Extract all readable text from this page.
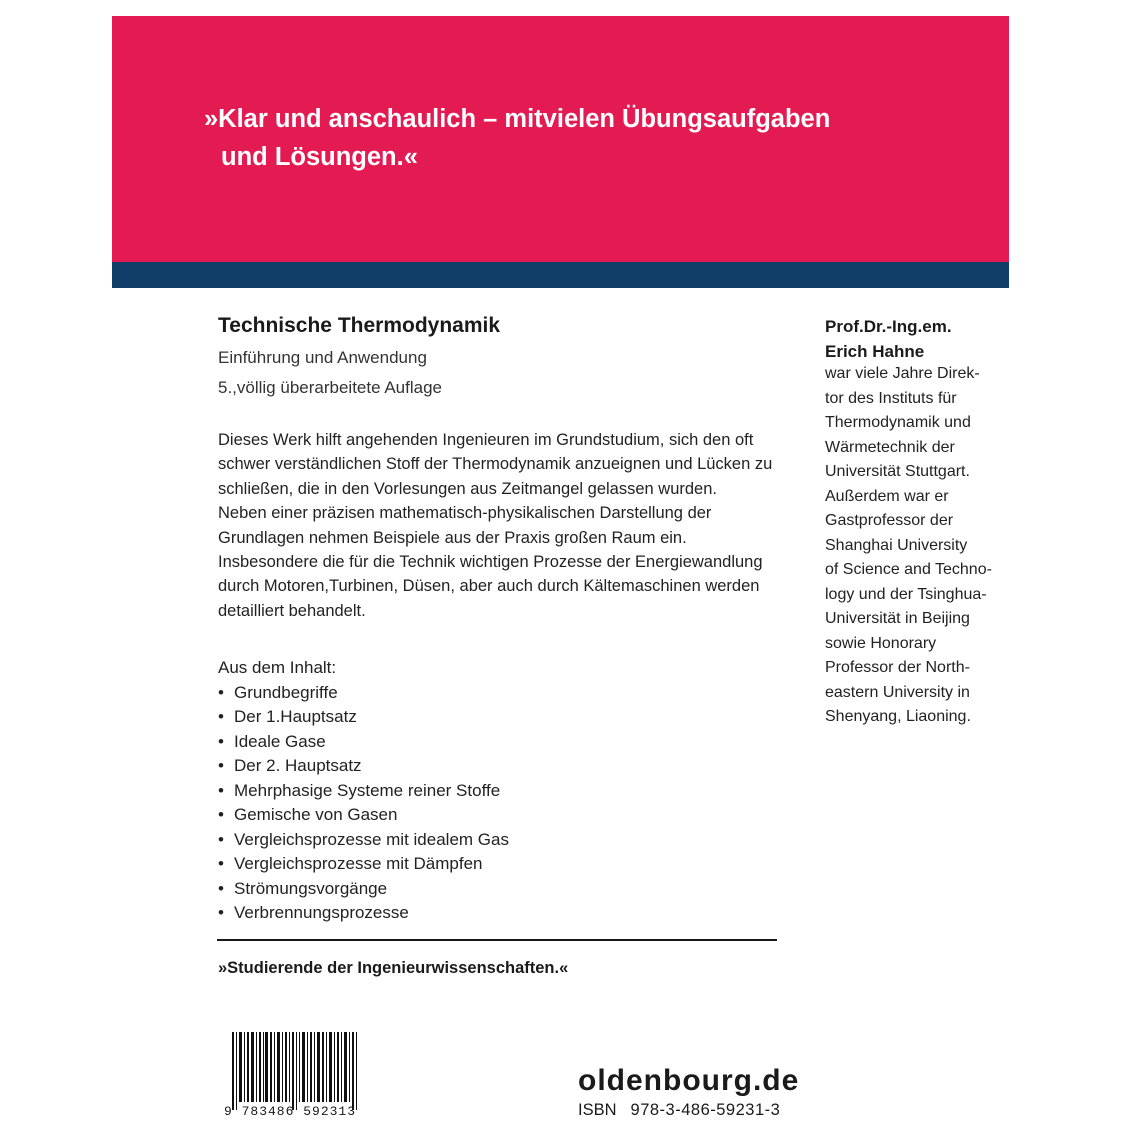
»Klar und anschaulich – mitvielen Übungsaufgaben
und Lösungen.«
Technische Thermodynamik
Einführung und Anwendung
5.,völlig überarbeitete Auflage

Dieses Werk hilft angehenden Ingenieuren im Grundstudium, sich den oft schwer verständlichen Stoff der Thermodynamik anzueignen und Lücken zu schließen, die in den Vorlesungen aus Zeitmangel gelassen wurden.

Neben einer präzisen mathematisch-physikalischen Darstellung der Grundlagen nehmen Beispiele aus der Praxis großen Raum ein. Insbesondere die für die Technik wichtigen Prozesse der Energiewandlung durch Motoren,Turbinen, Düsen, aber auch durch Kältemaschinen werden detailliert behandelt.

Aus dem Inhalt:
• Grundbegriffe
• Der 1.Hauptsatz
• Ideale Gase
• Der 2. Hauptsatz
• Mehrphasige Systeme reiner Stoffe
• Gemische von Gasen
• Vergleichsprozesse mit idealem Gas
• Vergleichsprozesse mit Dämpfen
• Strömungsvorgänge
• Verbrennungsprozesse
»Studierende der Ingenieurwissenschaften.«
Prof.Dr.-Ing.em.
Erich Hahne
war viele Jahre Direk-
tor des Instituts für
Thermodynamik und
Wärmetechnik der
Universität Stuttgart.
Außerdem war er
Gastprofessor der
Shanghai University
of Science and Techno-
logy und der Tsinghua-
Universität in Beijing
sowie Honorary
Professor der North-
eastern University in
Shenyang, Liaoning.
9 783486 592313
oldenbourg.de
ISBN 978-3-486-59231-3
